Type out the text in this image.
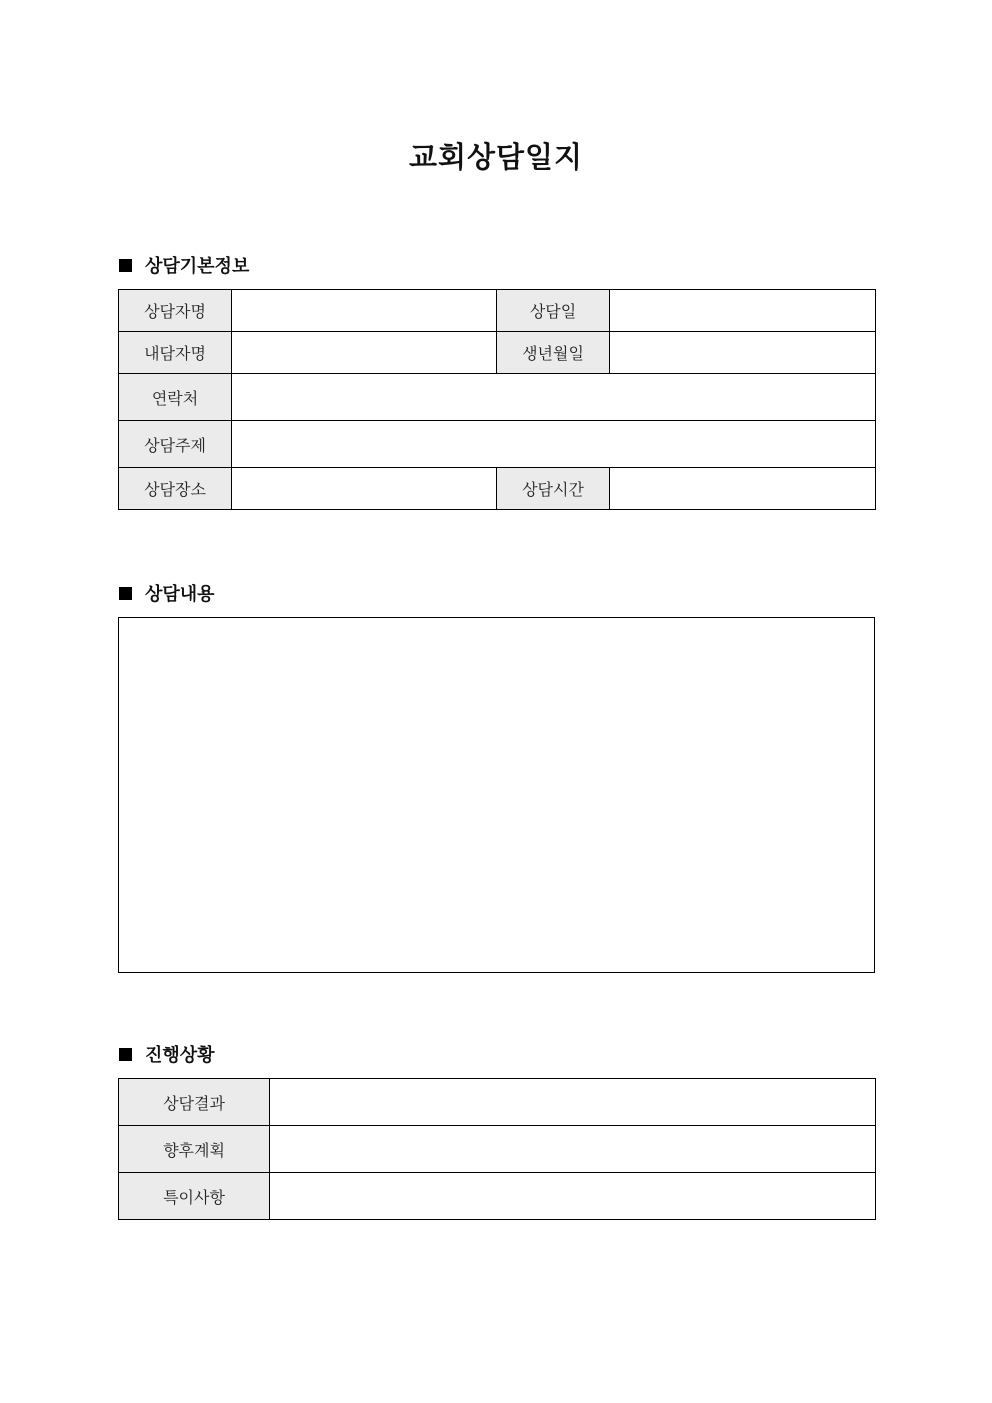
교회상담일지
상담기본정보
상담자명		상담일	
내담자명		생년월일	
연락처			
상담주제			
상담장소		상담시간	
상담내용
진행상황
상담결과	
향후계획	
특이사항	
